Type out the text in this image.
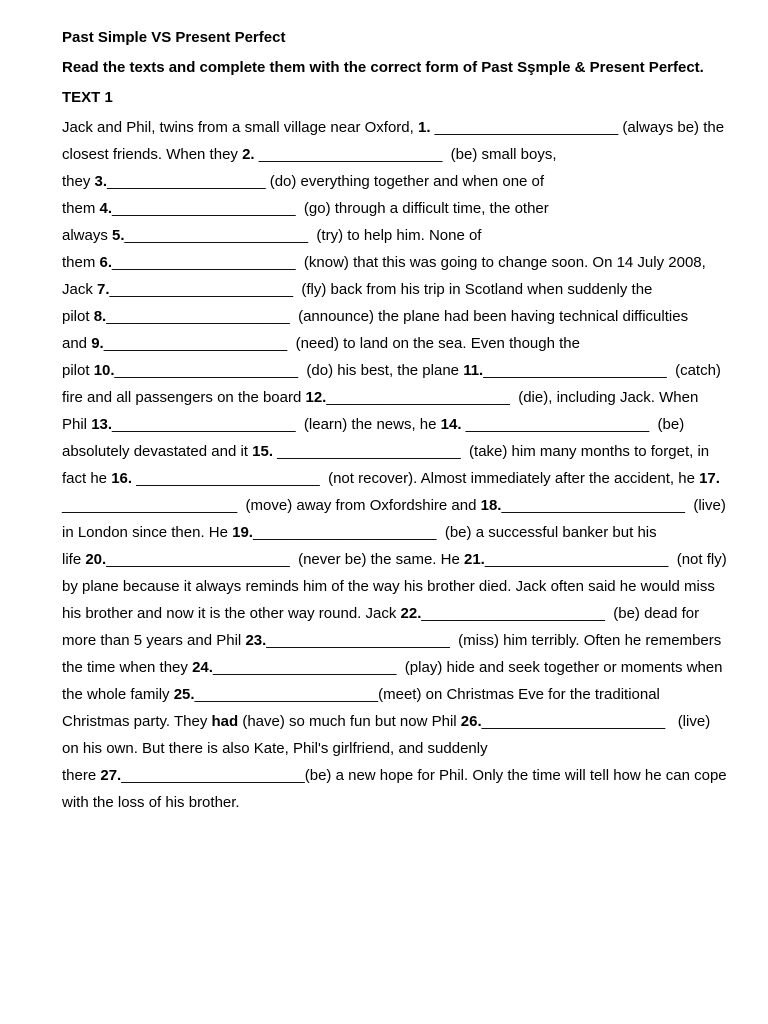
Past Simple VS Present Perfect
Read the texts and complete them with the correct form of Past Sşmple & Present Perfect.
TEXT 1
Jack and Phil, twins from a small village near Oxford, 1. ______________________ (always be) the
closest friends. When they 2. ______________________  (be) small boys,
they 3.___________________ (do) everything together and when one of
them 4.______________________  (go) through a difficult time, the other
always 5.______________________  (try) to help him. None of
them 6.______________________  (know) that this was going to change soon. On 14 July 2008,
Jack 7.______________________  (fly) back from his trip in Scotland when suddenly the
pilot 8.______________________  (announce) the plane had been having technical difficulties
and 9.______________________  (need) to land on the sea. Even though the
pilot 10.______________________  (do) his best, the plane 11.______________________  (catch)
fire and all passengers on the board 12.______________________  (die), including Jack. When
Phil 13.______________________  (learn) the news, he 14. ______________________  (be)
absolutely devastated and it 15. ______________________  (take) him many months to forget, in
fact he 16. ______________________  (not recover). Almost immediately after the accident, he 17.
_____________________  (move) away from Oxfordshire and 18.______________________  (live)
in London since then. He 19.______________________  (be) a successful banker but his
life 20.______________________  (never be) the same. He 21.______________________  (not fly)
by plane because it always reminds him of the way his brother died. Jack often said he would miss
his brother and now it is the other way round. Jack 22.______________________  (be) dead for
more than 5 years and Phil 23.______________________  (miss) him terribly. Often he remembers
the time when they 24.______________________  (play) hide and seek together or moments when
the whole family 25.______________________(meet) on Christmas Eve for the traditional
Christmas party. They had (have) so much fun but now Phil 26.______________________   (live)
on his own. But there is also Kate, Phil's girlfriend, and suddenly
there 27.______________________(be) a new hope for Phil. Only the time will tell how he can cope
with the loss of his brother.
